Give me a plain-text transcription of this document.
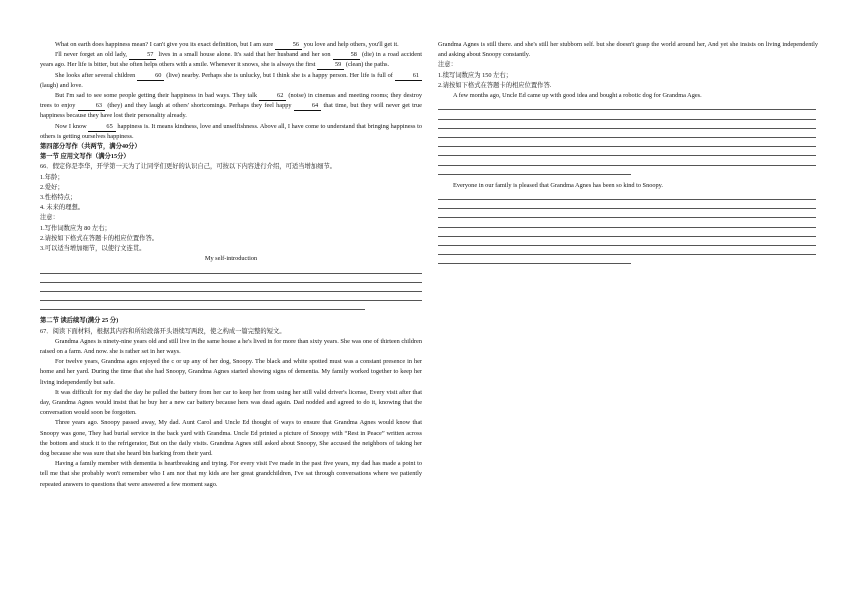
What on earth does happiness mean? I can't give you its exact definition, but I am sure	56 you love and help others, you'll get it.

I'll never forget an old lady,	57 lives in a small house alone. It's said that her husband and her son	58 (die) in a road accident years ago. Her life is bitter, but she often helps others with a smile. Whenever it snows, she is always the first	59 (clean) the paths.

She looks after several children	60 (live) nearby. Perhaps she is unlucky, but I think she is a happy person. Her life is full of	61 (laugh) and love.

But I'm sad to see some people getting their happiness in bad ways. They talk	62 (noise) in cinemas and meeting rooms; they destroy trees to enjoy	63 (they) and they laugh at others' shortcomings. Perhaps they feel happy	64 that time, but they will never get true happiness because they have lost their personality already.

Now I know	65 happiness is. It means kindness, love and unselfishness. Above all, I have come to understand that bringing happiness to others is getting ourselves happiness.

第四部分写作（共两节，满分40分）

第一节 应用文写作（满分15分）

66．假定你是李华，开学第一天为了让同学们更好的认识自己，可按以下内容进行介绍，可适当增加细节。

1.年龄；

2.爱好；

3.性格特点；

4. 未来的理想。

注意：

1.写作词数应为 80 左右；

2.请按如下格式在答题卡的相应位置作答。

3.可以适当增加细节，以使行文连贯。

My self-introduction

第二节 读后续写(满分 25 分)

67．阅读下面材料，根据其内容和所给段落开头语续写两段，使之构成一篇完整的短文。

Grandma Agnes is ninety-nine years old and still live in the same house a he's lived in for more than sixty years. She was one of thirteen children raised on a farm. And now. she is rather set in her ways.

For twelve years, Grandma ages enjoyed the c or up any of her dog, Snoopy. The black and white spotted must was a constant presence in her home and her yard. During the time that she had Snoopy, Grandma Agnes started showing signs of dementia. My family worked together to keep her living independently but safe.

It was difficult for my dad the day he pulled the battery from her car to keep her from using her still valid driver's license, Every visit after that day, Grandma Agnes would insist that he buy her a new car battery because hers was dead again. Dad nodded and agreed to do it, knowing that the conversation would soon be forgotten.

Three years ago. Snoopy passed away, My dad. Aunt Carol and Uncle Ed thought of ways to ensure that Grandma Agnes would know that Snoopy was gone, They had burial service in the back yard with Grandma. Uncle Ed printed a picture of Snoopy with “Rest in Peace” written across the bottom and stuck it to the refrigerator, But on the daily visits. Grandma Agnes still asked about Snoopy, She accused the neighbors of taking her dog because she was sure that she heard bin barking from their yard.

Having a family member with dementia is heartbreaking and trying. For every visit I've made in the past five years, my dad has made a point to tell me that she probably won't remember who I am nor that my kids are her great grandchildren, I've sat through conversations where we patiently repeated answers to questions that were answered a few moment sago.

Grandma Agnes is still there. and she's still her stubborn self. but she doesn't grasp the world around her, And yet she insists on living independently and asking about Snoopy constantly.

注意：

1.续写词数应为 150 左右；

2.请按如下格式在答题卡的相应位置作答.

A few months ago, Uncle Ed came up with good idea and bought a robotic dog for Grandma Ages.

Everyone in our family is pleased that Grandma Agnes has been so kind to Snoopy.
